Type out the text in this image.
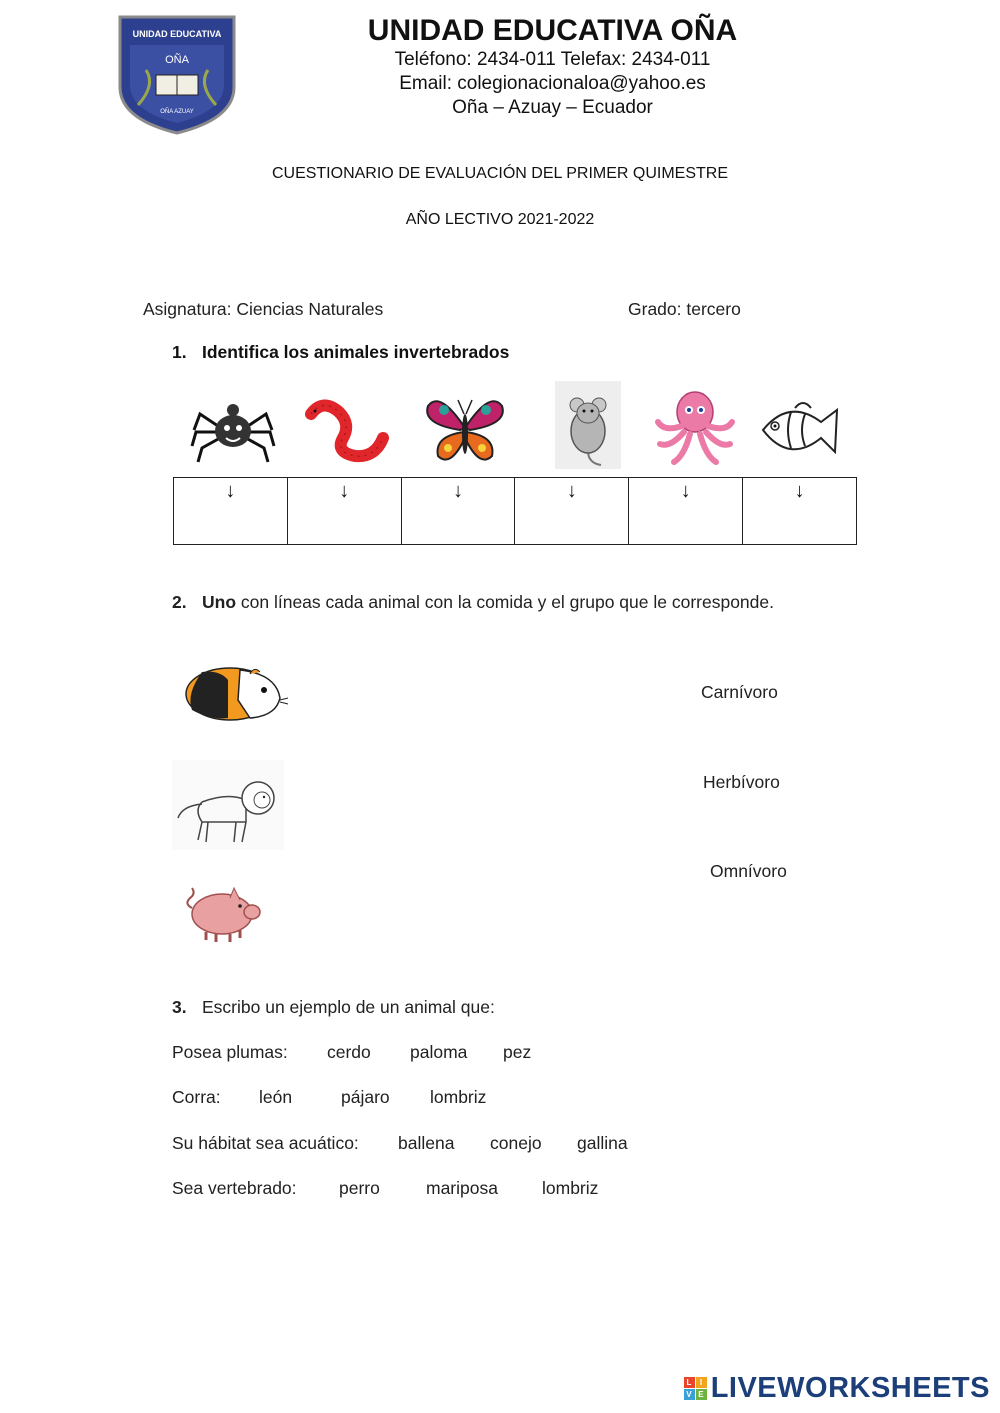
UNIDAD EDUCATIVA
OÑA
OÑA AZUAY
UNIDAD EDUCATIVA OÑA
Teléfono: 2434-011 Telefax: 2434-011
Email: colegionacionaloa@yahoo.es
Oña – Azuay – Ecuador
CUESTIONARIO DE EVALUACIÓN DEL PRIMER QUIMESTRE
AÑO LECTIVO 2021-2022
Asignatura: Ciencias Naturales	Grado: tercero
1. Identifica los animales invertebrados
↓	↓	↓	↓	↓	↓
2. Uno con líneas cada animal con la comida y el grupo que le corresponde.
Carnívoro
Herbívoro
Omnívoro
3. Escribo un ejemplo de un animal que:
Posea plumas: cerdo paloma pez
Corra: león	pájaro lombriz
Su hábitat sea acuático: ballena conejo gallina
Sea vertebrado: perro	mariposa	lombriz
L I
V E LIVEWORKSHEETS
